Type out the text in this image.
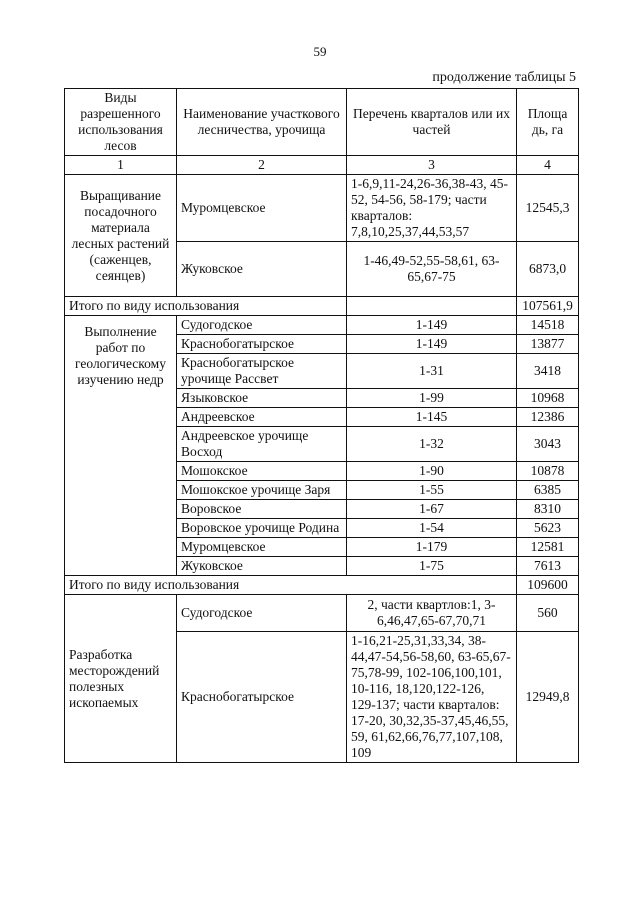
59
продолжение таблицы 5
Виды разрешенного использования лесов	Наименование участкового лесничества, урочища	Перечень кварталов или их частей	Площа дь, га
1	2	3	4
Выращивание посадочного материала лесных растений (саженцев, сеянцев)	Муромцевское	1-6,9,11-24,26-36,38-43, 45-52, 54-56, 58-179; части кварталов: 7,8,10,25,37,44,53,57	12545,3
	Жуковское	1-46,49-52,55-58,61, 63-65,67-75	6873,0
Итого по виду использования			107561,9
Выполнение работ по геологическому изучению недр	Судогодское	1-149	14518
	Краснобогатырское	1-149	13877
	Краснобогатырское урочище Рассвет	1-31	3418
	Языковское	1-99	10968
	Андреевское	1-145	12386
	Андреевское урочище Восход	1-32	3043
	Мошокское	1-90	10878
	Мошокское урочище Заря	1-55	6385
	Воровское	1-67	8310
	Воровское урочище Родина	1-54	5623
	Муромцевское	1-179	12581
	Жуковское	1-75	7613
Итого по виду использования			109600
Разработка месторождений полезных ископаемых	Судогодское	2, части квартлов:1, 3-6,46,47,65-67,70,71	560
	Краснобогатырское	1-16,21-25,31,33,34, 38-44,47-54,56-58,60, 63-65,67-75,78-99, 102-106,100,101, 10-116, 18,120,122-126, 129-137; части кварталов: 17-20, 30,32,35-37,45,46,55, 59, 61,62,66,76,77,107,108, 109	12949,8
